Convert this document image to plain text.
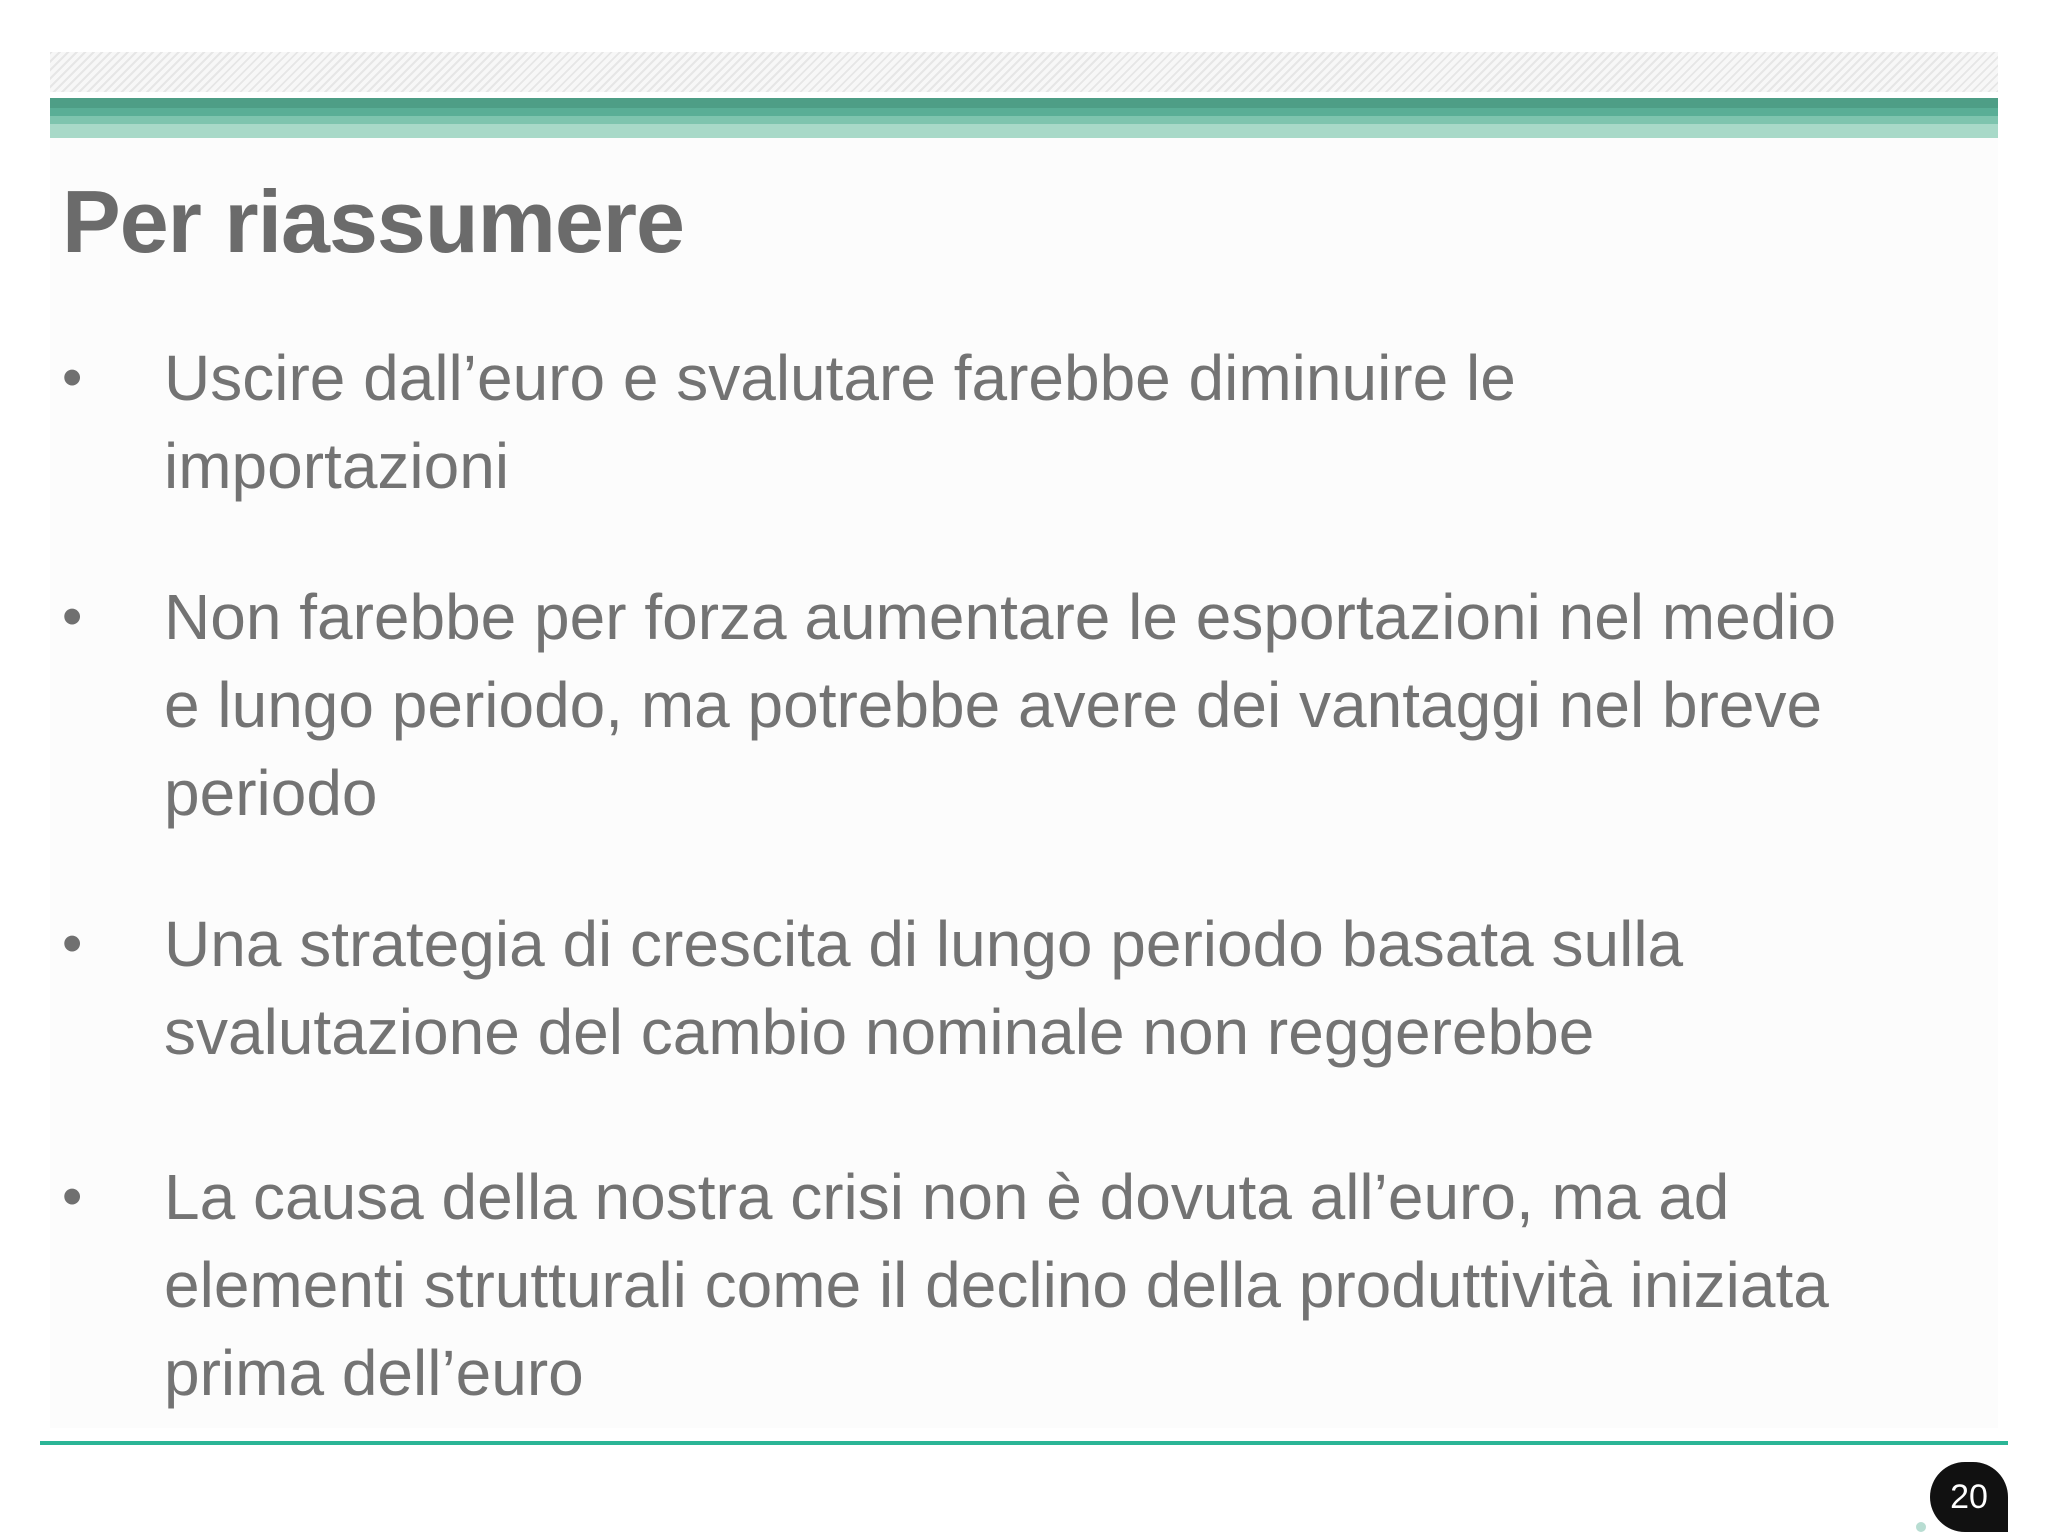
Per riassumere
• Uscire dall’euro e svalutare farebbe diminuire le
importazioni
• Non farebbe per forza aumentare le esportazioni nel medio
e lungo periodo, ma potrebbe avere dei vantaggi nel breve
periodo
• Una strategia di crescita di lungo periodo basata sulla
svalutazione del cambio nominale non reggerebbe
• La causa della nostra crisi non è dovuta all’euro, ma ad
elementi strutturali come il declino della produttività iniziata
prima dell’euro
20
